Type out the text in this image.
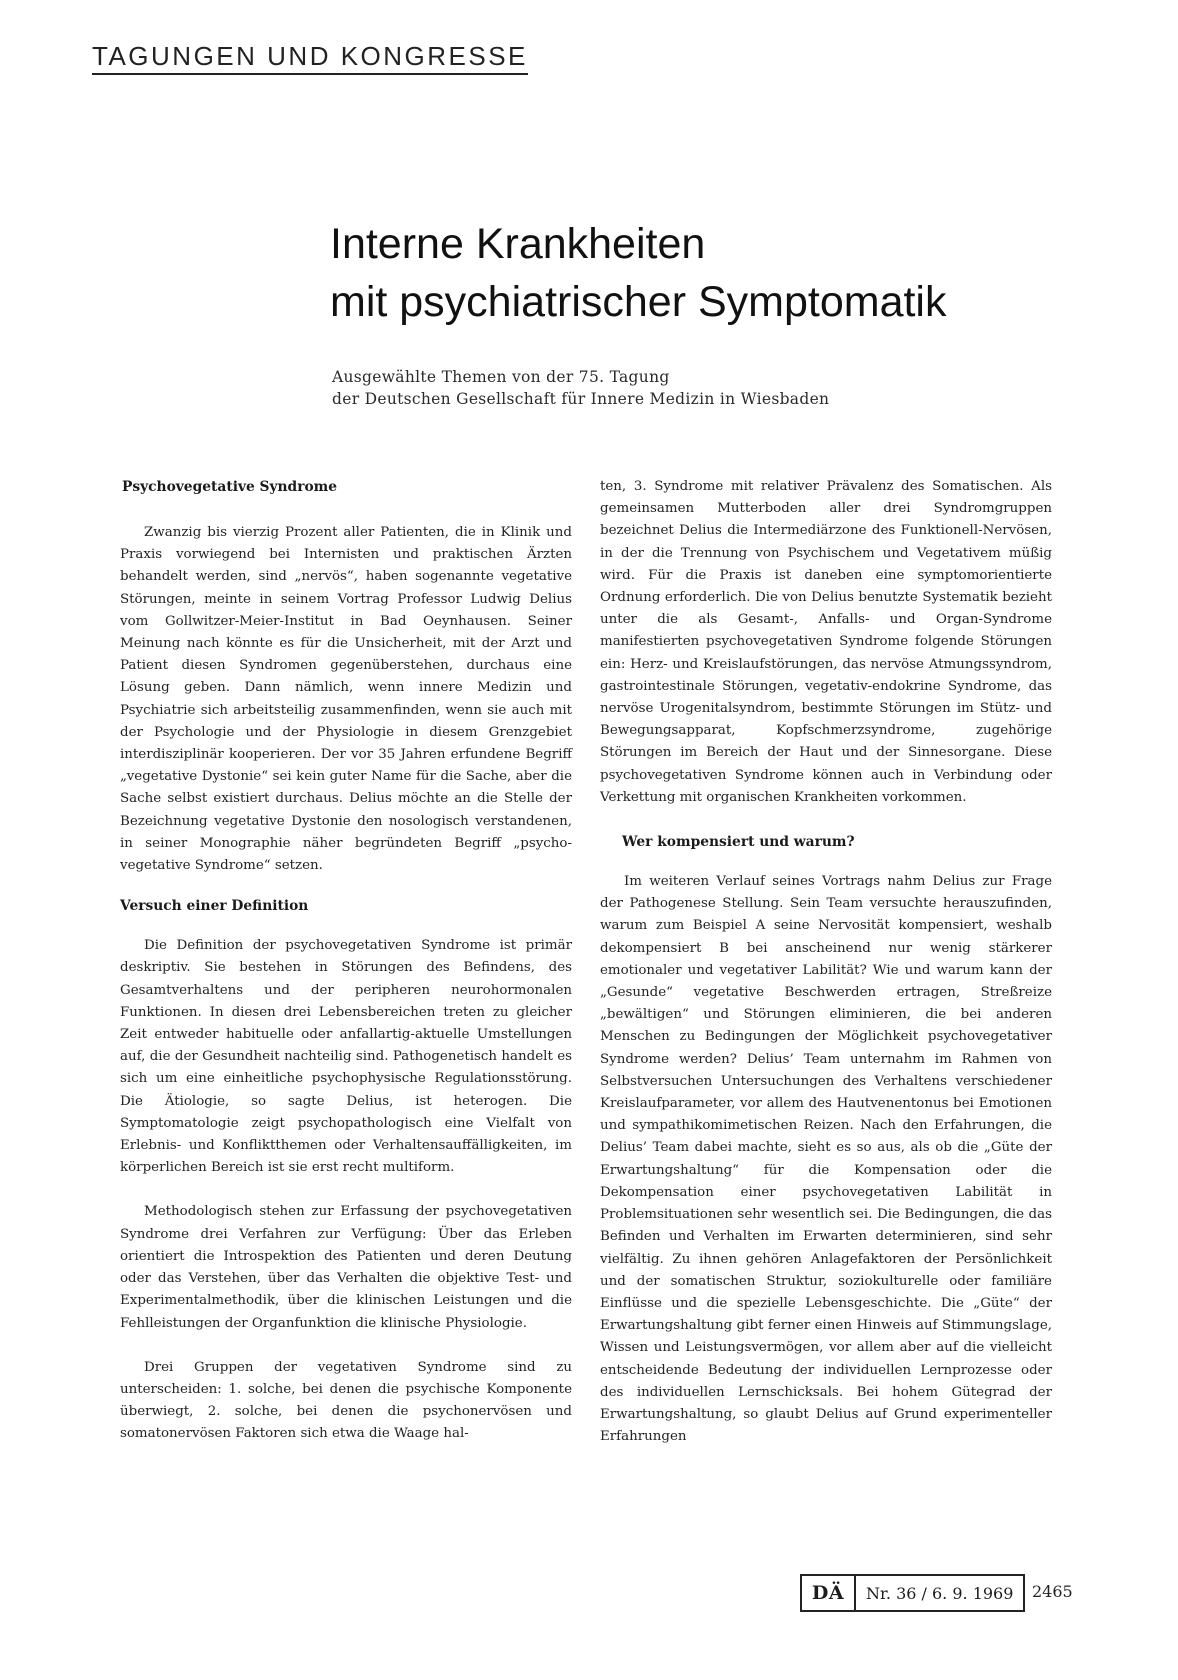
TAGUNGEN UND KONGRESSE
Interne Krankheiten
mit psychiatrischer Symptomatik
Ausgewählte Themen von der 75. Tagung
der Deutschen Gesellschaft für Innere Medizin in Wiesbaden
Psychovegetative Syndrome

Zwanzig bis vierzig Prozent aller Patienten, die in Klinik und Praxis vorwiegend bei Internisten und praktischen Ärzten behandelt werden, sind „nervös“, haben sogenannte vegetative Störungen, meinte in seinem Vortrag Professor Ludwig Delius vom Gollwitzer-Meier-Institut in Bad Oeynhausen. Seiner Meinung nach könnte es für die Unsicherheit, mit der Arzt und Patient diesen Syndromen gegenüberstehen, durchaus eine Lösung geben. Dann nämlich, wenn innere Medizin und Psychiatrie sich arbeitsteilig zusammenfinden, wenn sie auch mit der Psychologie und der Physiologie in diesem Grenzgebiet interdisziplinär kooperieren. Der vor 35 Jahren erfundene Begriff „vegetative Dystonie“ sei kein guter Name für die Sache, aber die Sache selbst existiert durchaus. Delius möchte an die Stelle der Bezeichnung vegetative Dystonie den nosologisch verstandenen, in seiner Monographie näher begründeten Begriff „psycho-vegetative Syndrome“ setzen.

Versuch einer Definition

Die Definition der psychovegetativen Syndrome ist primär deskriptiv. Sie bestehen in Störungen des Befindens, des Gesamtverhaltens und der peripheren neurohormonalen Funktionen. In diesen drei Lebensbereichen treten zu gleicher Zeit entweder habituelle oder anfallartig-aktuelle Umstellungen auf, die der Gesundheit nachteilig sind. Pathogenetisch handelt es sich um eine einheitliche psychophysische Regulationsstörung. Die Ätiologie, so sagte Delius, ist heterogen. Die Symptomatologie zeigt psychopathologisch eine Vielfalt von Erlebnis- und Konfliktthemen oder Verhaltensauffälligkeiten, im körperlichen Bereich ist sie erst recht multiform.

Methodologisch stehen zur Erfassung der psychovegetativen Syndrome drei Verfahren zur Verfügung: Über das Erleben orientiert die Introspektion des Patienten und deren Deutung oder das Verstehen, über das Verhalten die objektive Test- und Experimentalmethodik, über die klinischen Leistungen und die Fehlleistungen der Organfunktion die klinische Physiologie.

Drei Gruppen der vegetativen Syndrome sind zu unterscheiden: 1. solche, bei denen die psychische Komponente überwiegt, 2. solche, bei denen die psychonervösen und somatonervösen Faktoren sich etwa die Waage hal-

ten, 3. Syndrome mit relativer Prävalenz des Somatischen. Als gemeinsamen Mutterboden aller drei Syndromgruppen bezeichnet Delius die Intermediärzone des Funktionell-Nervösen, in der die Trennung von Psychischem und Vegetativem müßig wird. Für die Praxis ist daneben eine symptomorientierte Ordnung erforderlich. Die von Delius benutzte Systematik bezieht unter die als Gesamt-, Anfalls- und Organ-Syndrome manifestierten psychovegetativen Syndrome folgende Störungen ein: Herz- und Kreislaufstörungen, das nervöse Atmungssyndrom, gastrointestinale Störungen, vegetativ-endokrine Syndrome, das nervöse Urogenitalsyndrom, bestimmte Störungen im Stütz- und Bewegungsapparat, Kopfschmerzsyndrome, zugehörige Störungen im Bereich der Haut und der Sinnesorgane. Diese psychovegetativen Syndrome können auch in Verbindung oder Verkettung mit organischen Krankheiten vorkommen.

Wer kompensiert und warum?

Im weiteren Verlauf seines Vortrags nahm Delius zur Frage der Pathogenese Stellung. Sein Team versuchte herauszufinden, warum zum Beispiel A seine Nervosität kompensiert, weshalb dekompensiert B bei anscheinend nur wenig stärkerer emotionaler und vegetativer Labilität? Wie und warum kann der „Gesunde“ vegetative Beschwerden ertragen, Streßreize „bewältigen“ und Störungen eliminieren, die bei anderen Menschen zu Bedingungen der Möglichkeit psychovegetativer Syndrome werden? Delius’ Team unternahm im Rahmen von Selbstversuchen Untersuchungen des Verhaltens verschiedener Kreislaufparameter, vor allem des Hautvenentonus bei Emotionen und sympathikomimetischen Reizen. Nach den Erfahrungen, die Delius’ Team dabei machte, sieht es so aus, als ob die „Güte der Erwartungshaltung“ für die Kompensation oder die Dekompensation einer psychovegetativen Labilität in Problemsituationen sehr wesentlich sei. Die Bedingungen, die das Befinden und Verhalten im Erwarten determinieren, sind sehr vielfältig. Zu ihnen gehören Anlagefaktoren der Persönlichkeit und der somatischen Struktur, soziokulturelle oder familiäre Einflüsse und die spezielle Lebensgeschichte. Die „Güte“ der Erwartungshaltung gibt ferner einen Hinweis auf Stimmungslage, Wissen und Leistungsvermögen, vor allem aber auf die vielleicht entscheidende Bedeutung der individuellen Lernprozesse oder des individuellen Lernschicksals. Bei hohem Gütegrad der Erwartungshaltung, so glaubt Delius auf Grund experimenteller Erfahrungen

DÄ	Nr. 36 / 6. 9. 1969	2465
